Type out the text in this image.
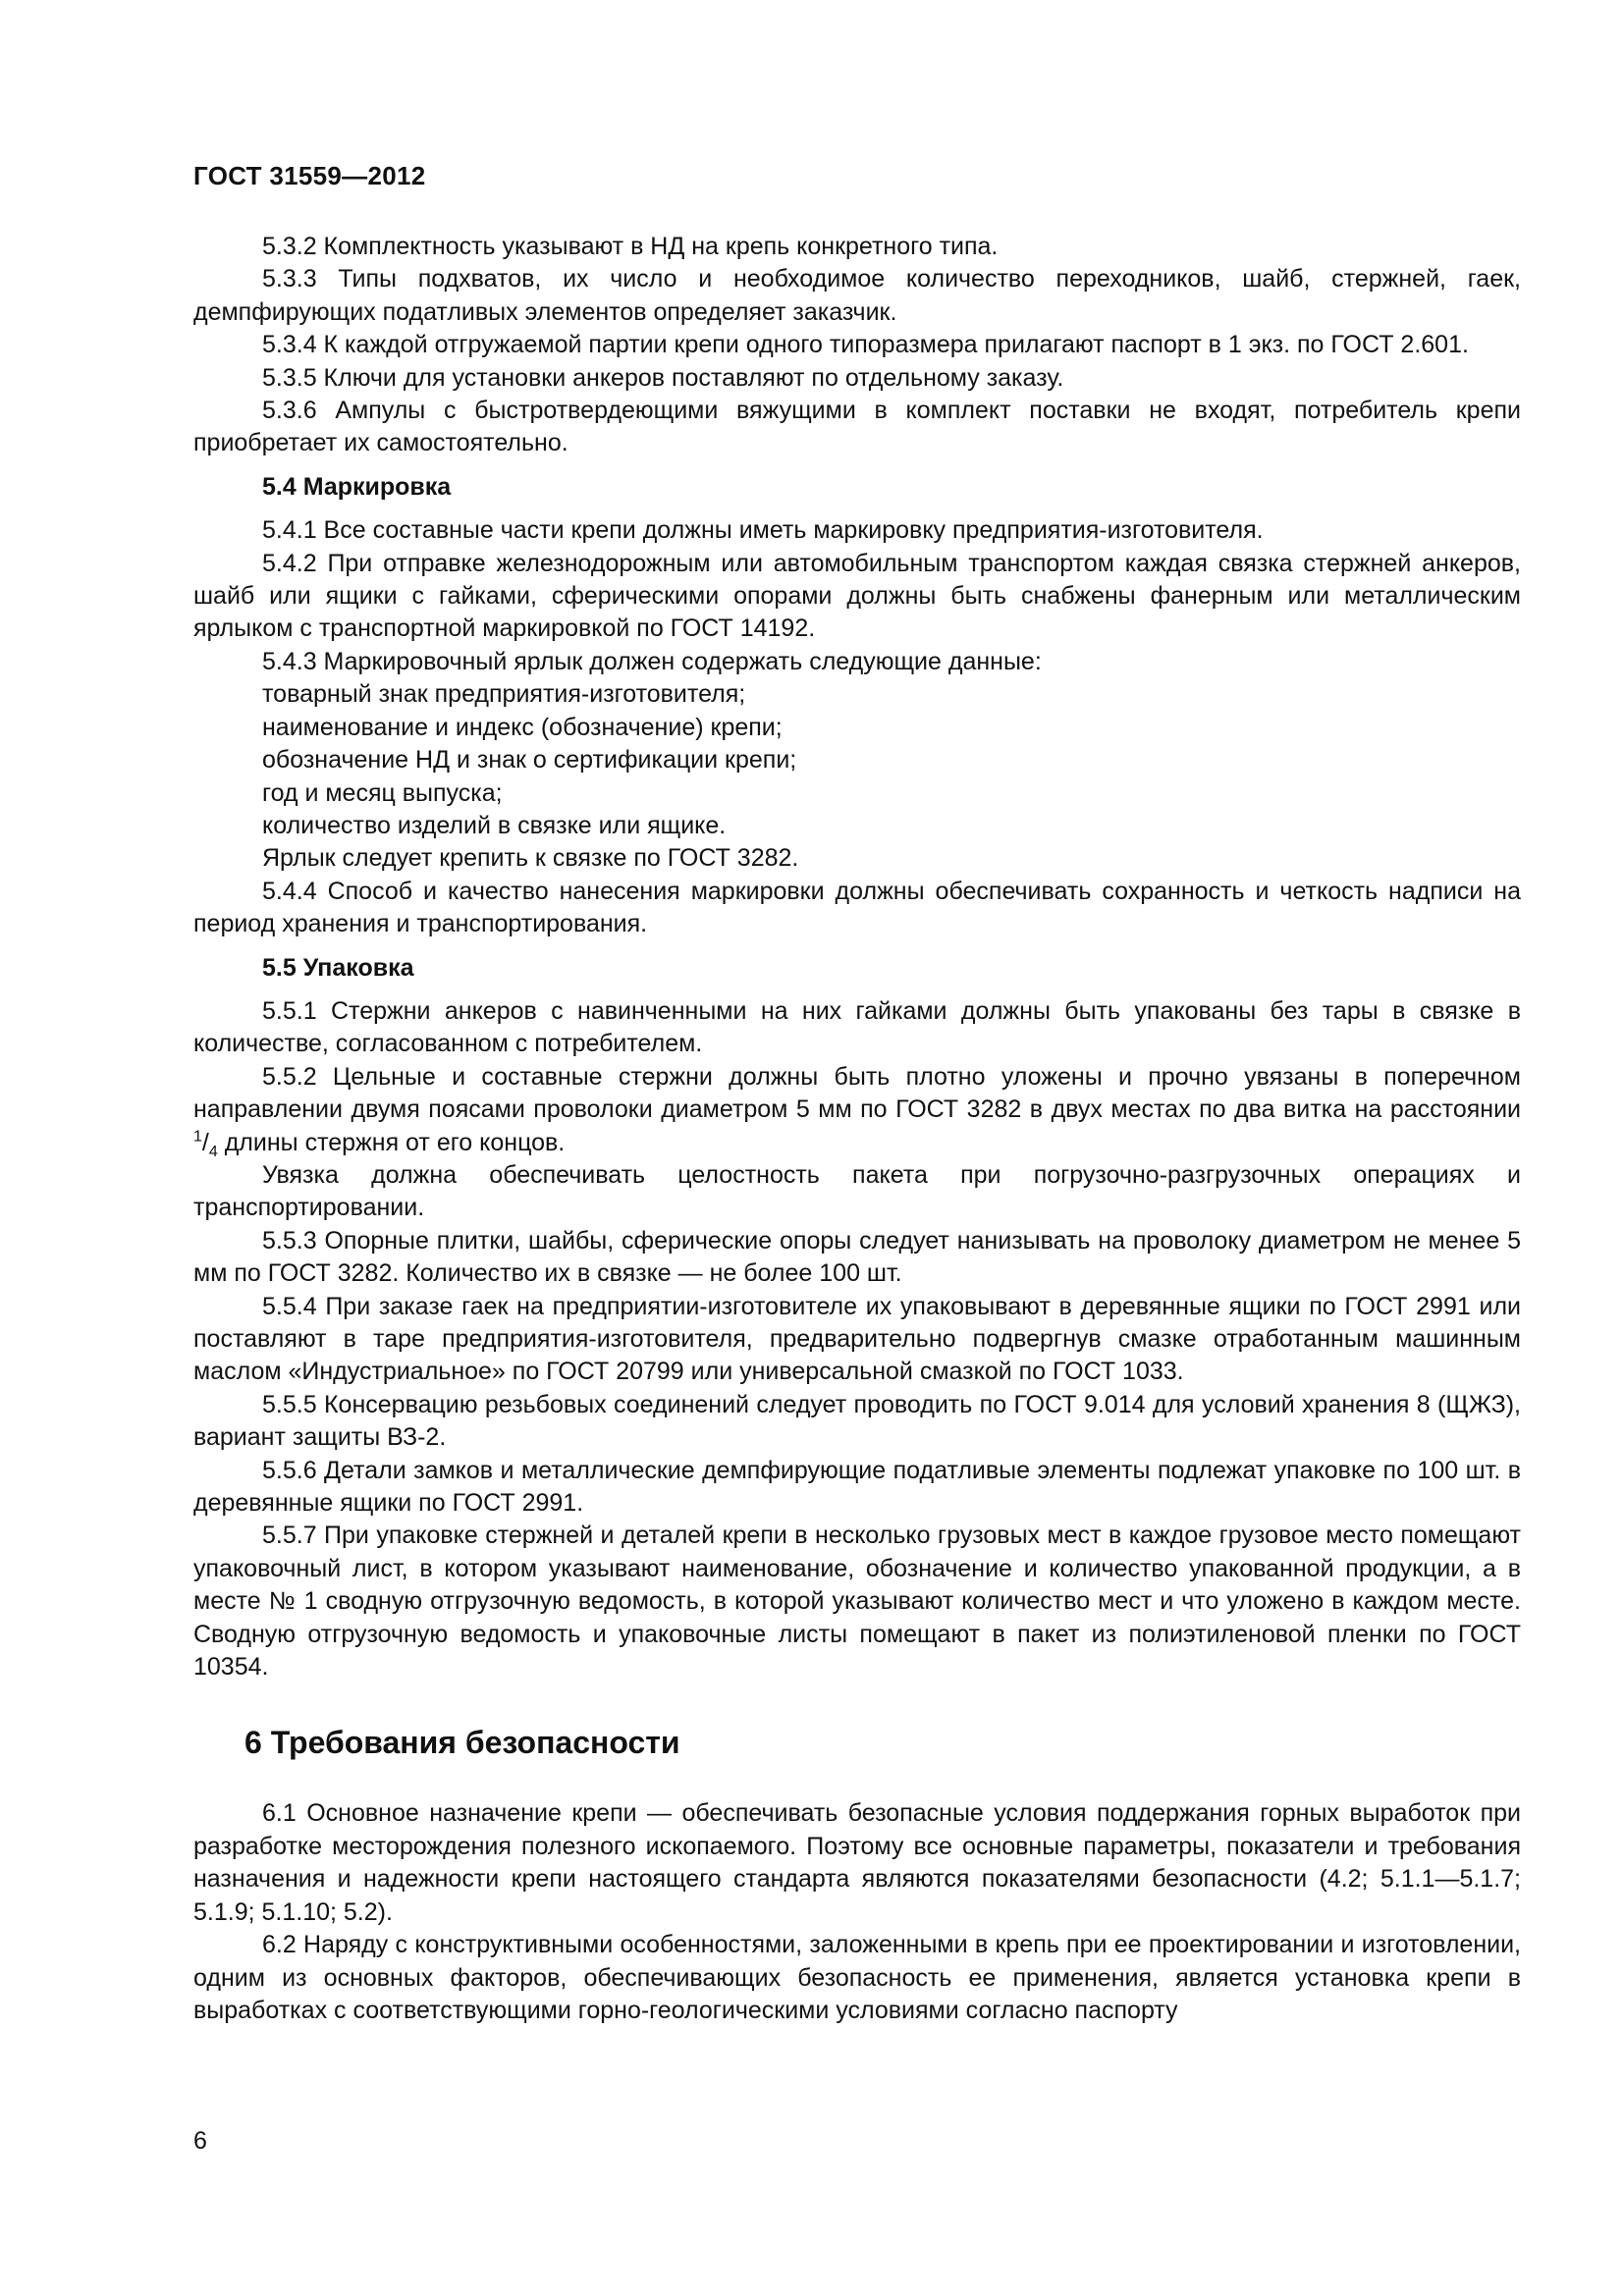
ГОСТ 31559—2012

5.3.2 Комплектность указывают в НД на крепь конкретного типа.

5.3.3 Типы подхватов, их число и необходимое количество переходников, шайб, стержней, гаек, демпфирующих податливых элементов определяет заказчик.

5.3.4 К каждой отгружаемой партии крепи одного типоразмера прилагают паспорт в 1 экз. по ГОСТ 2.601.

5.3.5 Ключи для установки анкеров поставляют по отдельному заказу.

5.3.6 Ампулы с быстротвердеющими вяжущими в комплект поставки не входят, потребитель крепи приобретает их самостоятельно.

5.4 Маркировка

5.4.1 Все составные части крепи должны иметь маркировку предприятия-изготовителя.

5.4.2 При отправке железнодорожным или автомобильным транспортом каждая связка стержней анкеров, шайб или ящики с гайками, сферическими опорами должны быть снабжены фанерным или металлическим ярлыком с транспортной маркировкой по ГОСТ 14192.

5.4.3 Маркировочный ярлык должен содержать следующие данные:

товарный знак предприятия-изготовителя;

наименование и индекс (обозначение) крепи;

обозначение НД и знак о сертификации крепи;

год и месяц выпуска;

количество изделий в связке или ящике.

Ярлык следует крепить к связке по ГОСТ 3282.

5.4.4 Способ и качество нанесения маркировки должны обеспечивать сохранность и четкость надписи на период хранения и транспортирования.

5.5 Упаковка

5.5.1 Стержни анкеров с навинченными на них гайками должны быть упакованы без тары в связке в количестве, согласованном с потребителем.

5.5.2 Цельные и составные стержни должны быть плотно уложены и прочно увязаны в поперечном направлении двумя поясами проволоки диаметром 5 мм по ГОСТ 3282 в двух местах по два витка на расстоянии $^1/_4$ длины стержня от его концов.

Увязка должна обеспечивать целостность пакета при погрузочно-разгрузочных операциях и транспортировании.

5.5.3 Опорные плитки, шайбы, сферические опоры следует нанизывать на проволоку диаметром не менее 5 мм по ГОСТ 3282. Количество их в связке — не более 100 шт.

5.5.4 При заказе гаек на предприятии-изготовителе их упаковывают в деревянные ящики по ГОСТ 2991 или поставляют в таре предприятия-изготовителя, предварительно подвергнув смазке отработанным машинным маслом «Индустриальное» по ГОСТ 20799 или универсальной смазкой по ГОСТ 1033.

5.5.5 Консервацию резьбовых соединений следует проводить по ГОСТ 9.014 для условий хранения 8 (ЩЖЗ), вариант защиты ВЗ-2.

5.5.6 Детали замков и металлические демпфирующие податливые элементы подлежат упаковке по 100 шт. в деревянные ящики по ГОСТ 2991.

5.5.7 При упаковке стержней и деталей крепи в несколько грузовых мест в каждое грузовое место помещают упаковочный лист, в котором указывают наименование, обозначение и количество упакованной продукции, а в месте № 1 сводную отгрузочную ведомость, в которой указывают количество мест и что уложено в каждом месте. Сводную отгрузочную ведомость и упаковочные листы помещают в пакет из полиэтиленовой пленки по ГОСТ 10354.

6 Требования безопасности

6.1 Основное назначение крепи — обеспечивать безопасные условия поддержания горных выработок при разработке месторождения полезного ископаемого. Поэтому все основные параметры, показатели и требования назначения и надежности крепи настоящего стандарта являются показателями безопасности (4.2; 5.1.1—5.1.7; 5.1.9; 5.1.10; 5.2).

6.2 Наряду с конструктивными особенностями, заложенными в крепь при ее проектировании и изготовлении, одним из основных факторов, обеспечивающих безопасность ее применения, является установка крепи в выработках с соответствующими горно-геологическими условиями согласно паспорту

6
